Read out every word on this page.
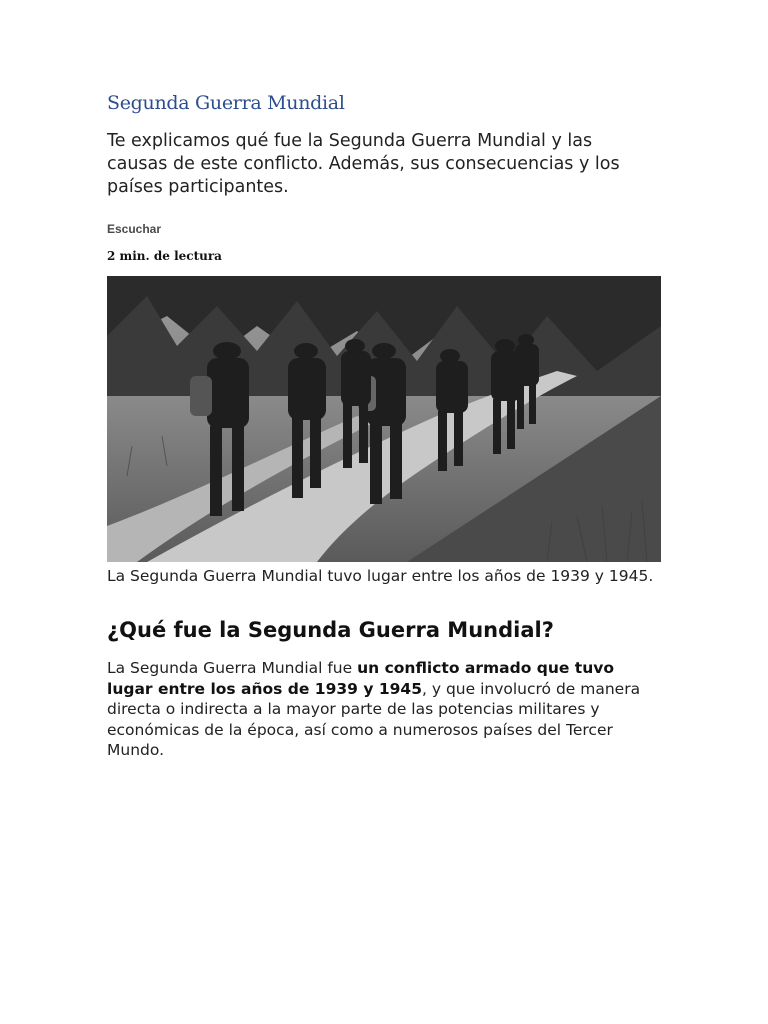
Segunda Guerra Mundial
Te explicamos qué fue la Segunda Guerra Mundial y las causas de este conflicto. Además, sus consecuencias y los países participantes.
Escuchar
2 min. de lectura
La Segunda Guerra Mundial tuvo lugar entre los años de 1939 y 1945.
¿Qué fue la Segunda Guerra Mundial?
La Segunda Guerra Mundial fue un conflicto armado que tuvo lugar entre los años de 1939 y 1945, y que involucró de manera directa o indirecta a la mayor parte de las potencias militares y económicas de la época, así como a numerosos países del Tercer Mundo.
